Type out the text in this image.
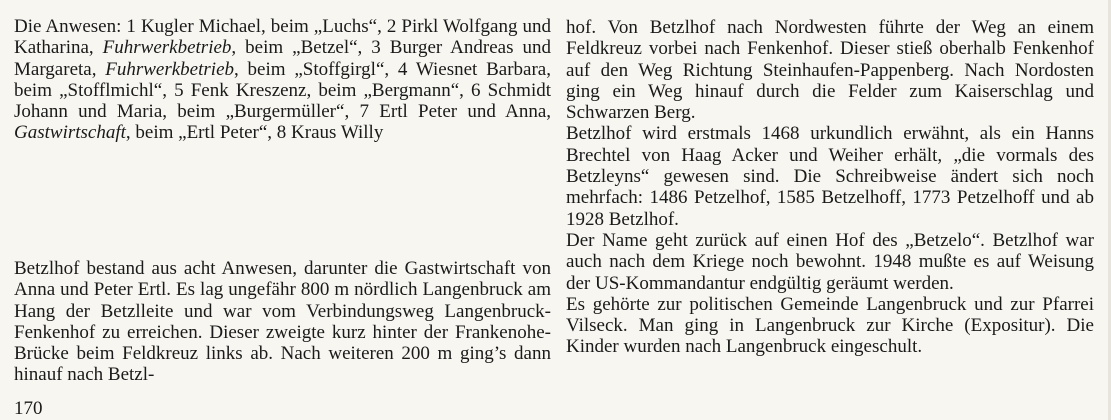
Die Anwesen: 1 Kugler Michael, beim „Luchs“, 2 Pirkl Wolfgang und Katharina, Fuhrwerkbetrieb, beim „Betzel“, 3 Burger Andreas und Margareta, Fuhrwerkbetrieb, beim „Stoffgirgl“, 4 Wiesnet Barbara, beim „Stofflmichl“, 5 Fenk Kreszenz, beim „Bergmann“, 6 Schmidt Johann und Maria, beim „Burgermüller“, 7 Ertl Peter und Anna, Gastwirtschaft, beim „Ertl Peter“, 8 Kraus Willy

Betzlhof bestand aus acht Anwesen, darunter die Gastwirtschaft von Anna und Peter Ertl. Es lag ungefähr 800 m nördlich Langenbruck am Hang der Betzlleite und war vom Verbindungsweg Langenbruck-Fenkenhof zu erreichen. Dieser zweigte kurz hinter der Frankenohe-Brücke beim Feldkreuz links ab. Nach weiteren 200 m ging’s dann hinauf nach Betzl-

hof. Von Betzlhof nach Nordwesten führte der Weg an einem Feldkreuz vorbei nach Fenkenhof. Dieser stieß oberhalb Fenkenhof auf den Weg Richtung Steinhaufen-Pappenberg. Nach Nordosten ging ein Weg hinauf durch die Felder zum Kaiserschlag und Schwarzen Berg.

Betzlhof wird erstmals 1468 urkundlich erwähnt, als ein Hanns Brechtel von Haag Acker und Weiher erhält, „die vormals des Betzleyns“ gewesen sind. Die Schreibweise ändert sich noch mehrfach: 1486 Petzelhof, 1585 Betzelhoff, 1773 Petzelhoff und ab 1928 Betzlhof.

Der Name geht zurück auf einen Hof des „Betzelo“. Betzlhof war auch nach dem Kriege noch bewohnt. 1948 mußte es auf Weisung der US-Kommandantur endgültig geräumt werden.

Es gehörte zur politischen Gemeinde Langenbruck und zur Pfarrei Vilseck. Man ging in Langenbruck zur Kirche (Expositur). Die Kinder wurden nach Langenbruck eingeschult.

170
